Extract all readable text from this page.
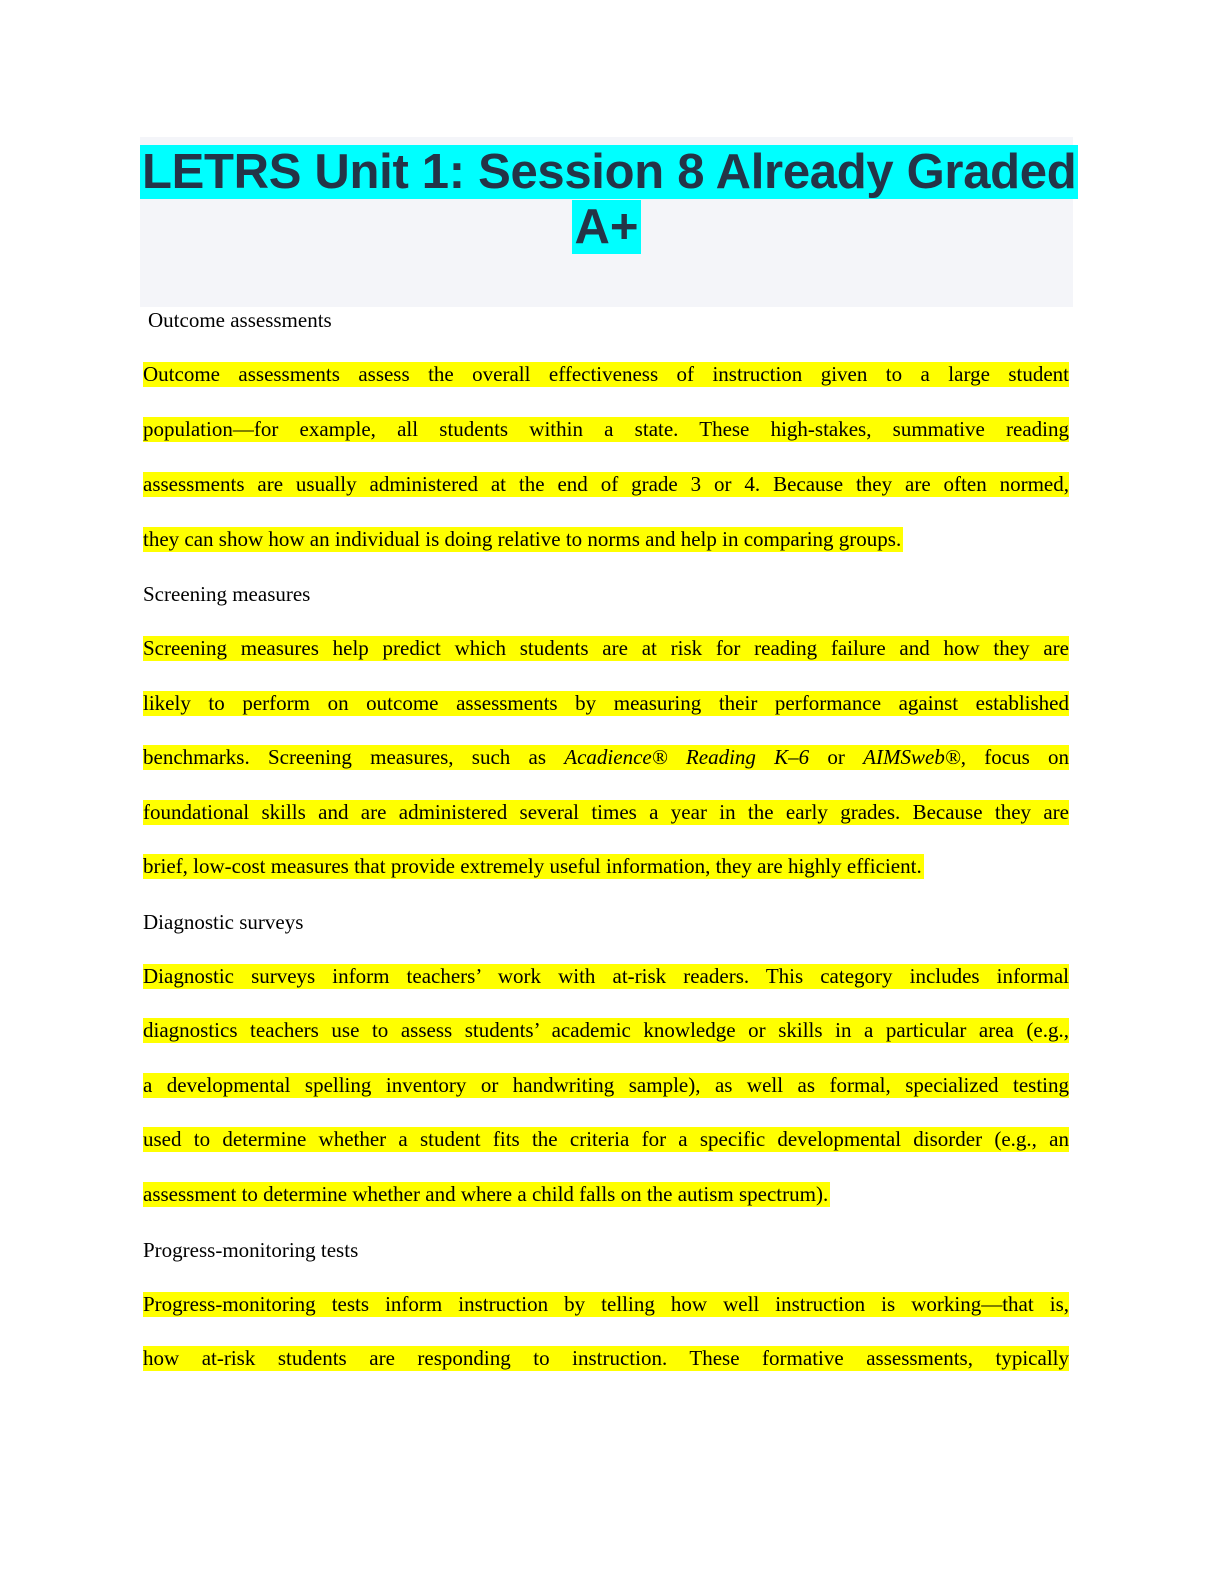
LETRS Unit 1: Session 8 Already Graded
A+
Outcome assessments
Outcome assessments assess the overall effectiveness of instruction given to a large student
population—for example, all students within a state. These high-stakes, summative reading
assessments are usually administered at the end of grade 3 or 4. Because they are often normed,
they can show how an individual is doing relative to norms and help in comparing groups.
Screening measures
Screening measures help predict which students are at risk for reading failure and how they are
likely to perform on outcome assessments by measuring their performance against established
benchmarks. Screening measures, such as Acadience® Reading K–6 or AIMSweb®, focus on
foundational skills and are administered several times a year in the early grades. Because they are
brief, low-cost measures that provide extremely useful information, they are highly efficient.
Diagnostic surveys
Diagnostic surveys inform teachers’ work with at-risk readers. This category includes informal
diagnostics teachers use to assess students’ academic knowledge or skills in a particular area (e.g.,
a developmental spelling inventory or handwriting sample), as well as formal, specialized testing
used to determine whether a student fits the criteria for a specific developmental disorder (e.g., an
assessment to determine whether and where a child falls on the autism spectrum).
Progress-monitoring tests
Progress-monitoring tests inform instruction by telling how well instruction is working—that is,
how at-risk students are responding to instruction. These formative assessments, typically
